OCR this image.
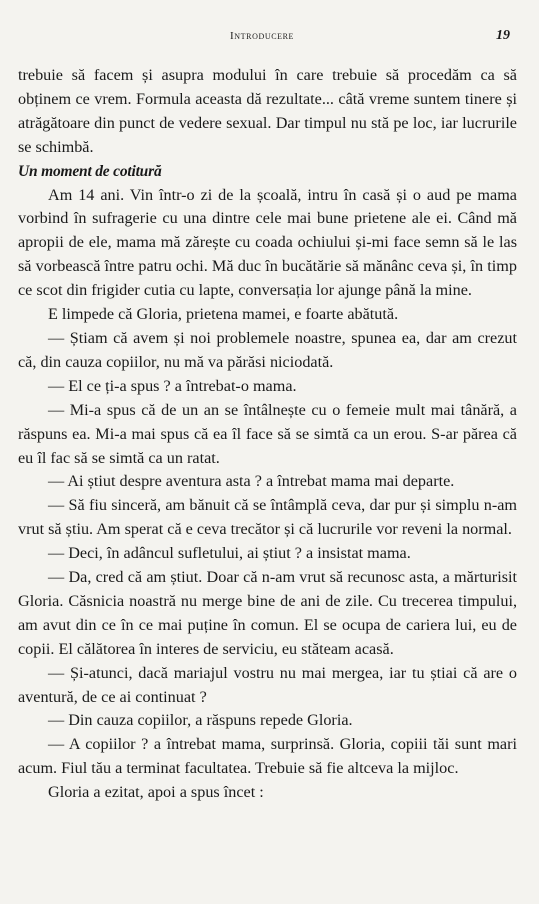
Introducere	19

trebuie să facem și asupra modului în care trebuie să procedăm ca să obținem ce vrem. Formula aceasta dă rezultate... câtă vreme suntem tinere și atrăgătoare din punct de vedere sexual. Dar timpul nu stă pe loc, iar lucrurile se schimbă.

Un moment de cotitură

Am 14 ani. Vin într-o zi de la școală, intru în casă și o aud pe mama vorbind în sufragerie cu una dintre cele mai bune prietene ale ei. Când mă apropii de ele, mama mă zărește cu coada ochiului și-mi face semn să le las să vorbească între patru ochi. Mă duc în bucătărie să mănânc ceva și, în timp ce scot din frigider cutia cu lapte, conversația lor ajunge până la mine.

E limpede că Gloria, prietena mamei, e foarte abătută.

— Știam că avem și noi problemele noastre, spunea ea, dar am crezut că, din cauza copiilor, nu mă va părăsi niciodată.

— El ce ți-a spus ? a întrebat-o mama.

— Mi-a spus că de un an se întâlnește cu o femeie mult mai tânără, a răspuns ea. Mi-a mai spus că ea îl face să se simtă ca un erou. S-ar părea că eu îl fac să se simtă ca un ratat.

— Ai știut despre aventura asta ? a întrebat mama mai departe.

— Să fiu sinceră, am bănuit că se întâmplă ceva, dar pur și simplu n-am vrut să știu. Am sperat că e ceva trecător și că lucrurile vor reveni la normal.

— Deci, în adâncul sufletului, ai știut ? a insistat mama.

— Da, cred că am știut. Doar că n-am vrut să recunosc asta, a mărturisit Gloria. Căsnicia noastră nu merge bine de ani de zile. Cu trecerea timpului, am avut din ce în ce mai puține în comun. El se ocupa de cariera lui, eu de copii. El călătorea în interes de serviciu, eu stăteam acasă.

— Și-atunci, dacă mariajul vostru nu mai mergea, iar tu știai că are o aventură, de ce ai continuat ?

— Din cauza copiilor, a răspuns repede Gloria.

— A copiilor ? a întrebat mama, surprinsă. Gloria, copiii tăi sunt mari acum. Fiul tău a terminat facultatea. Trebuie să fie altceva la mijloc.

Gloria a ezitat, apoi a spus încet :
